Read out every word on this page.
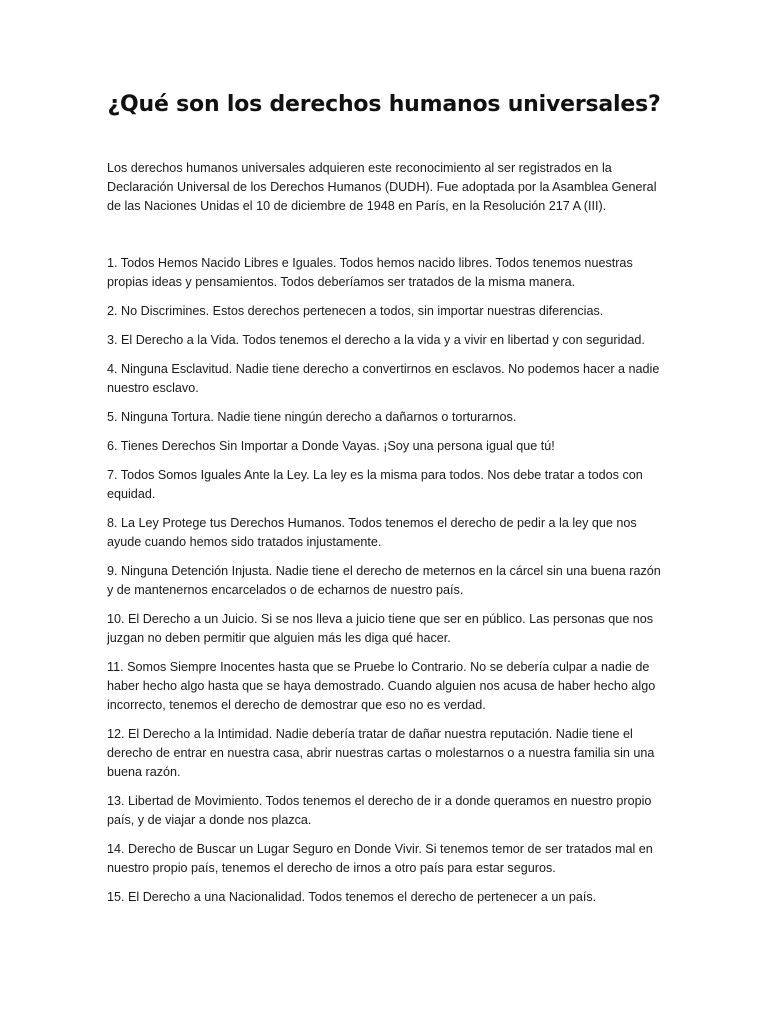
¿Qué son los derechos humanos universales?

Los derechos humanos universales adquieren este reconocimiento al ser registrados en la Declaración Universal de los Derechos Humanos (DUDH). Fue adoptada por la Asamblea General de las Naciones Unidas el 10 de diciembre de 1948 en París, en la Resolución 217 A (III).

1. Todos Hemos Nacido Libres e Iguales. Todos hemos nacido libres. Todos tenemos nuestras propias ideas y pensamientos. Todos deberíamos ser tratados de la misma manera.
2. No Discrimines. Estos derechos pertenecen a todos, sin importar nuestras diferencias.
3. El Derecho a la Vida. Todos tenemos el derecho a la vida y a vivir en libertad y con seguridad.
4. Ninguna Esclavitud. Nadie tiene derecho a convertirnos en esclavos. No podemos hacer a nadie nuestro esclavo.
5. Ninguna Tortura. Nadie tiene ningún derecho a dañarnos o torturarnos.
6. Tienes Derechos Sin Importar a Donde Vayas. ¡Soy una persona igual que tú!
7. Todos Somos Iguales Ante la Ley. La ley es la misma para todos. Nos debe tratar a todos con equidad.
8. La Ley Protege tus Derechos Humanos. Todos tenemos el derecho de pedir a la ley que nos ayude cuando hemos sido tratados injustamente.
9. Ninguna Detención Injusta. Nadie tiene el derecho de meternos en la cárcel sin una buena razón y de mantenernos encarcelados o de echarnos de nuestro país.
10. El Derecho a un Juicio. Si se nos lleva a juicio tiene que ser en público. Las personas que nos juzgan no deben permitir que alguien más les diga qué hacer.
11. Somos Siempre Inocentes hasta que se Pruebe lo Contrario. No se debería culpar a nadie de haber hecho algo hasta que se haya demostrado. Cuando alguien nos acusa de haber hecho algo incorrecto, tenemos el derecho de demostrar que eso no es verdad.
12. El Derecho a la Intimidad. Nadie debería tratar de dañar nuestra reputación. Nadie tiene el derecho de entrar en nuestra casa, abrir nuestras cartas o molestarnos o a nuestra familia sin una buena razón.
13. Libertad de Movimiento. Todos tenemos el derecho de ir a donde queramos en nuestro propio país, y de viajar a donde nos plazca.
14. Derecho de Buscar un Lugar Seguro en Donde Vivir. Si tenemos temor de ser tratados mal en nuestro propio país, tenemos el derecho de irnos a otro país para estar seguros.
15. El Derecho a una Nacionalidad. Todos tenemos el derecho de pertenecer a un país.
